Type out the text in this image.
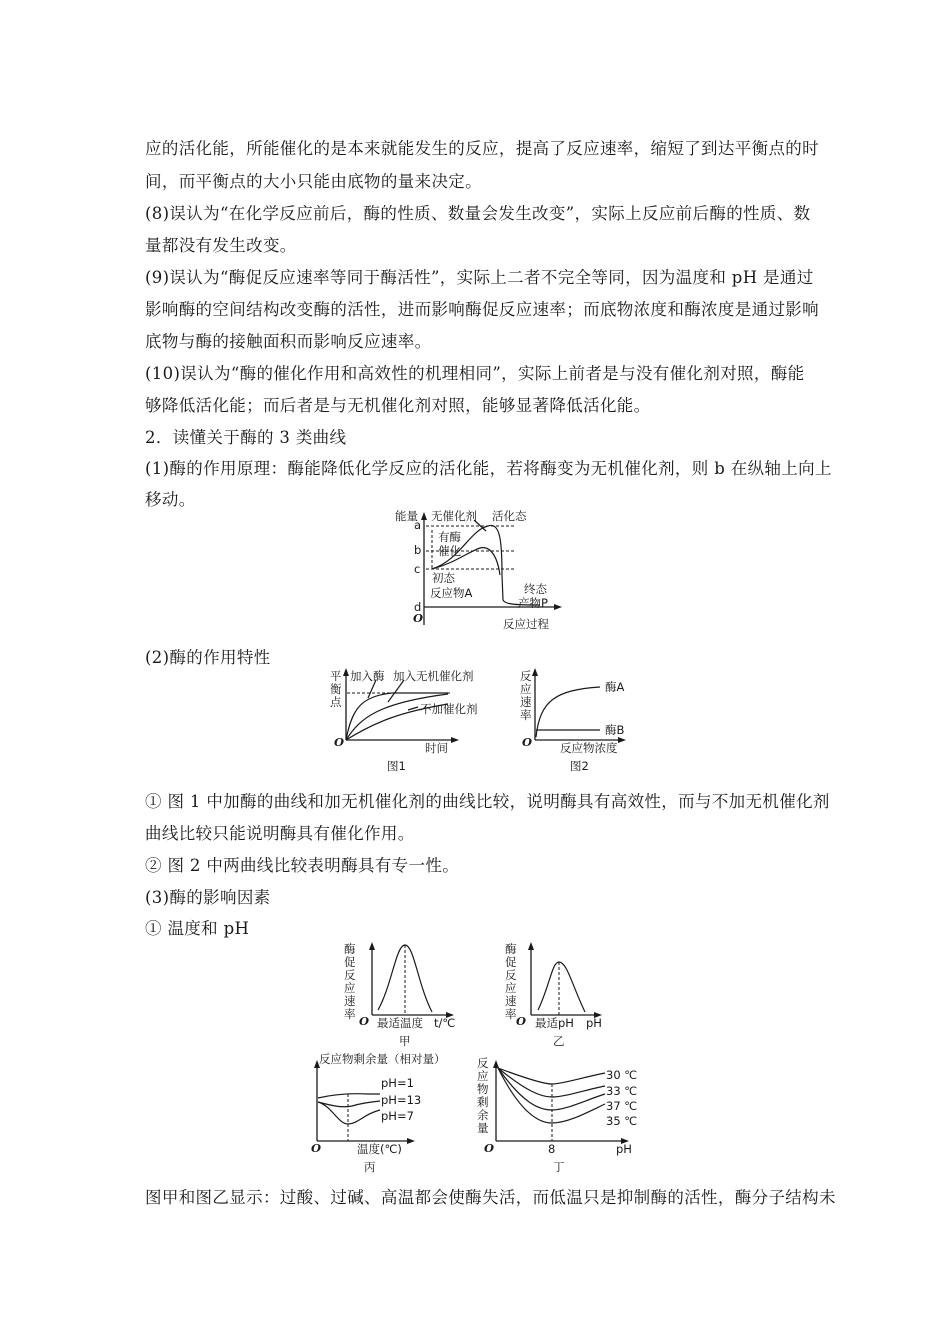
应的活化能，所能催化的是本来就能发生的反应，提高了反应速率，缩短了到达平衡点的时
间，而平衡点的大小只能由底物的量来决定。
(8)误认为“在化学反应前后，酶的性质、数量会发生改变”，实际上反应前后酶的性质、数
量都没有发生改变。
(9)误认为“酶促反应速率等同于酶活性”，实际上二者不完全等同，因为温度和 pH 是通过
影响酶的空间结构改变酶的活性，进而影响酶促反应速率；而底物浓度和酶浓度是通过影响
底物与酶的接触面积而影响反应速率。
(10)误认为“酶的催化作用和高效性的机理相同”，实际上前者是与没有催化剂对照，酶能
够降低活化能；而后者是与无机催化剂对照，能够显著降低活化能。
2．读懂关于酶的 3 类曲线
(1)酶的作用原理：酶能降低化学反应的活化能，若将酶变为无机催化剂，则 b 在纵轴上向上
移动。
(2)酶的作用特性
① 图 1 中加酶的曲线和加无机催化剂的曲线比较，说明酶具有高效性，而与不加无机催化剂
曲线比较只能说明酶具有催化作用。
② 图 2 中两曲线比较表明酶具有专一性。
(3)酶的影响因素
① 温度和 pH
图甲和图乙显示：过酸、过碱、高温都会使酶失活，而低温只是抑制酶的活性，酶分子结构未
能量
a
b
c
d
无催化剂 活化态
有酶
催化
初态
反应物A	终态
产物P
O	反应过程
平
衡
点
加入酶 加入无机催化剂
不加催化剂
O	时间
图1
反
应
速
率
酶A
酶B
O 反应物浓度
图2
酶
促
反
应
速
率 O 最适温度 t/℃
甲
酶
促
反
应
速
率 O 最适pH pH
乙
反应物剩余量（相对量）
pH=1
pH=13
pH=7
O	温度(℃)
丙
反
应
物
剩
余
量
30 ℃
33 ℃
37 ℃
35 ℃
O	8	pH
丁
